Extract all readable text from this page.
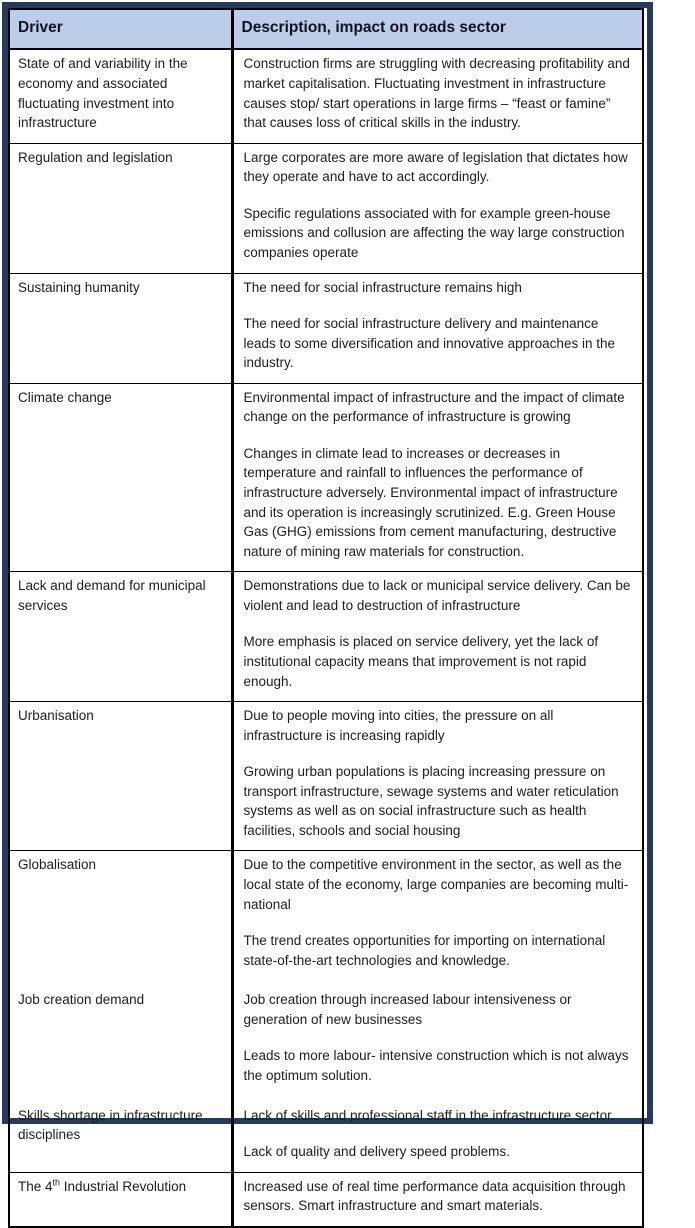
Driver	Description, impact on roads sector
State of and variability in the economy and associated fluctuating investment into infrastructure	Construction firms are struggling with decreasing profitability and market capitalisation. Fluctuating investment in infrastructure causes stop/ start operations in large firms – “feast or famine” that causes loss of critical skills in the industry.

Regulation and legislation	Large corporates are more aware of legislation that dictates how they operate and have to act accordingly.

Specific regulations associated with for example green-house emissions and collusion are affecting the way large construction companies operate

Sustaining humanity	The need for social infrastructure remains high

The need for social infrastructure delivery and maintenance leads to some diversification and innovative approaches in the industry.

Climate change	Environmental impact of infrastructure and the impact of climate change on the performance of infrastructure is growing

Changes in climate lead to increases or decreases in temperature and rainfall to influences the performance of infrastructure adversely. Environmental impact of infrastructure and its operation is increasingly scrutinized. E.g. Green House Gas (GHG) emissions from cement manufacturing, destructive nature of mining raw materials for construction.

Lack and demand for municipal services	Demonstrations due to lack or municipal service delivery. Can be violent and lead to destruction of infrastructure

More emphasis is placed on service delivery, yet the lack of institutional capacity means that improvement is not rapid enough.

Urbanisation	Due to people moving into cities, the pressure on all infrastructure is increasing rapidly

Growing urban populations is placing increasing pressure on transport infrastructure, sewage systems and water reticulation systems as well as on social infrastructure such as health facilities, schools and social housing

Globalisation	Due to the competitive environment in the sector, as well as the local state of the economy, large companies are becoming multi-national

The trend creates opportunities for importing on international state-of-the-art technologies and knowledge.

Job creation demand	Job creation through increased labour intensiveness or generation of new businesses

Leads to more labour- intensive construction which is not always the optimum solution.

Skills shortage in infrastructure disciplines	Lack of skills and professional staff in the infrastructure sector.

Lack of quality and delivery speed problems.

The 4th Industrial Revolution	Increased use of real time performance data acquisition through sensors. Smart infrastructure and smart materials.
